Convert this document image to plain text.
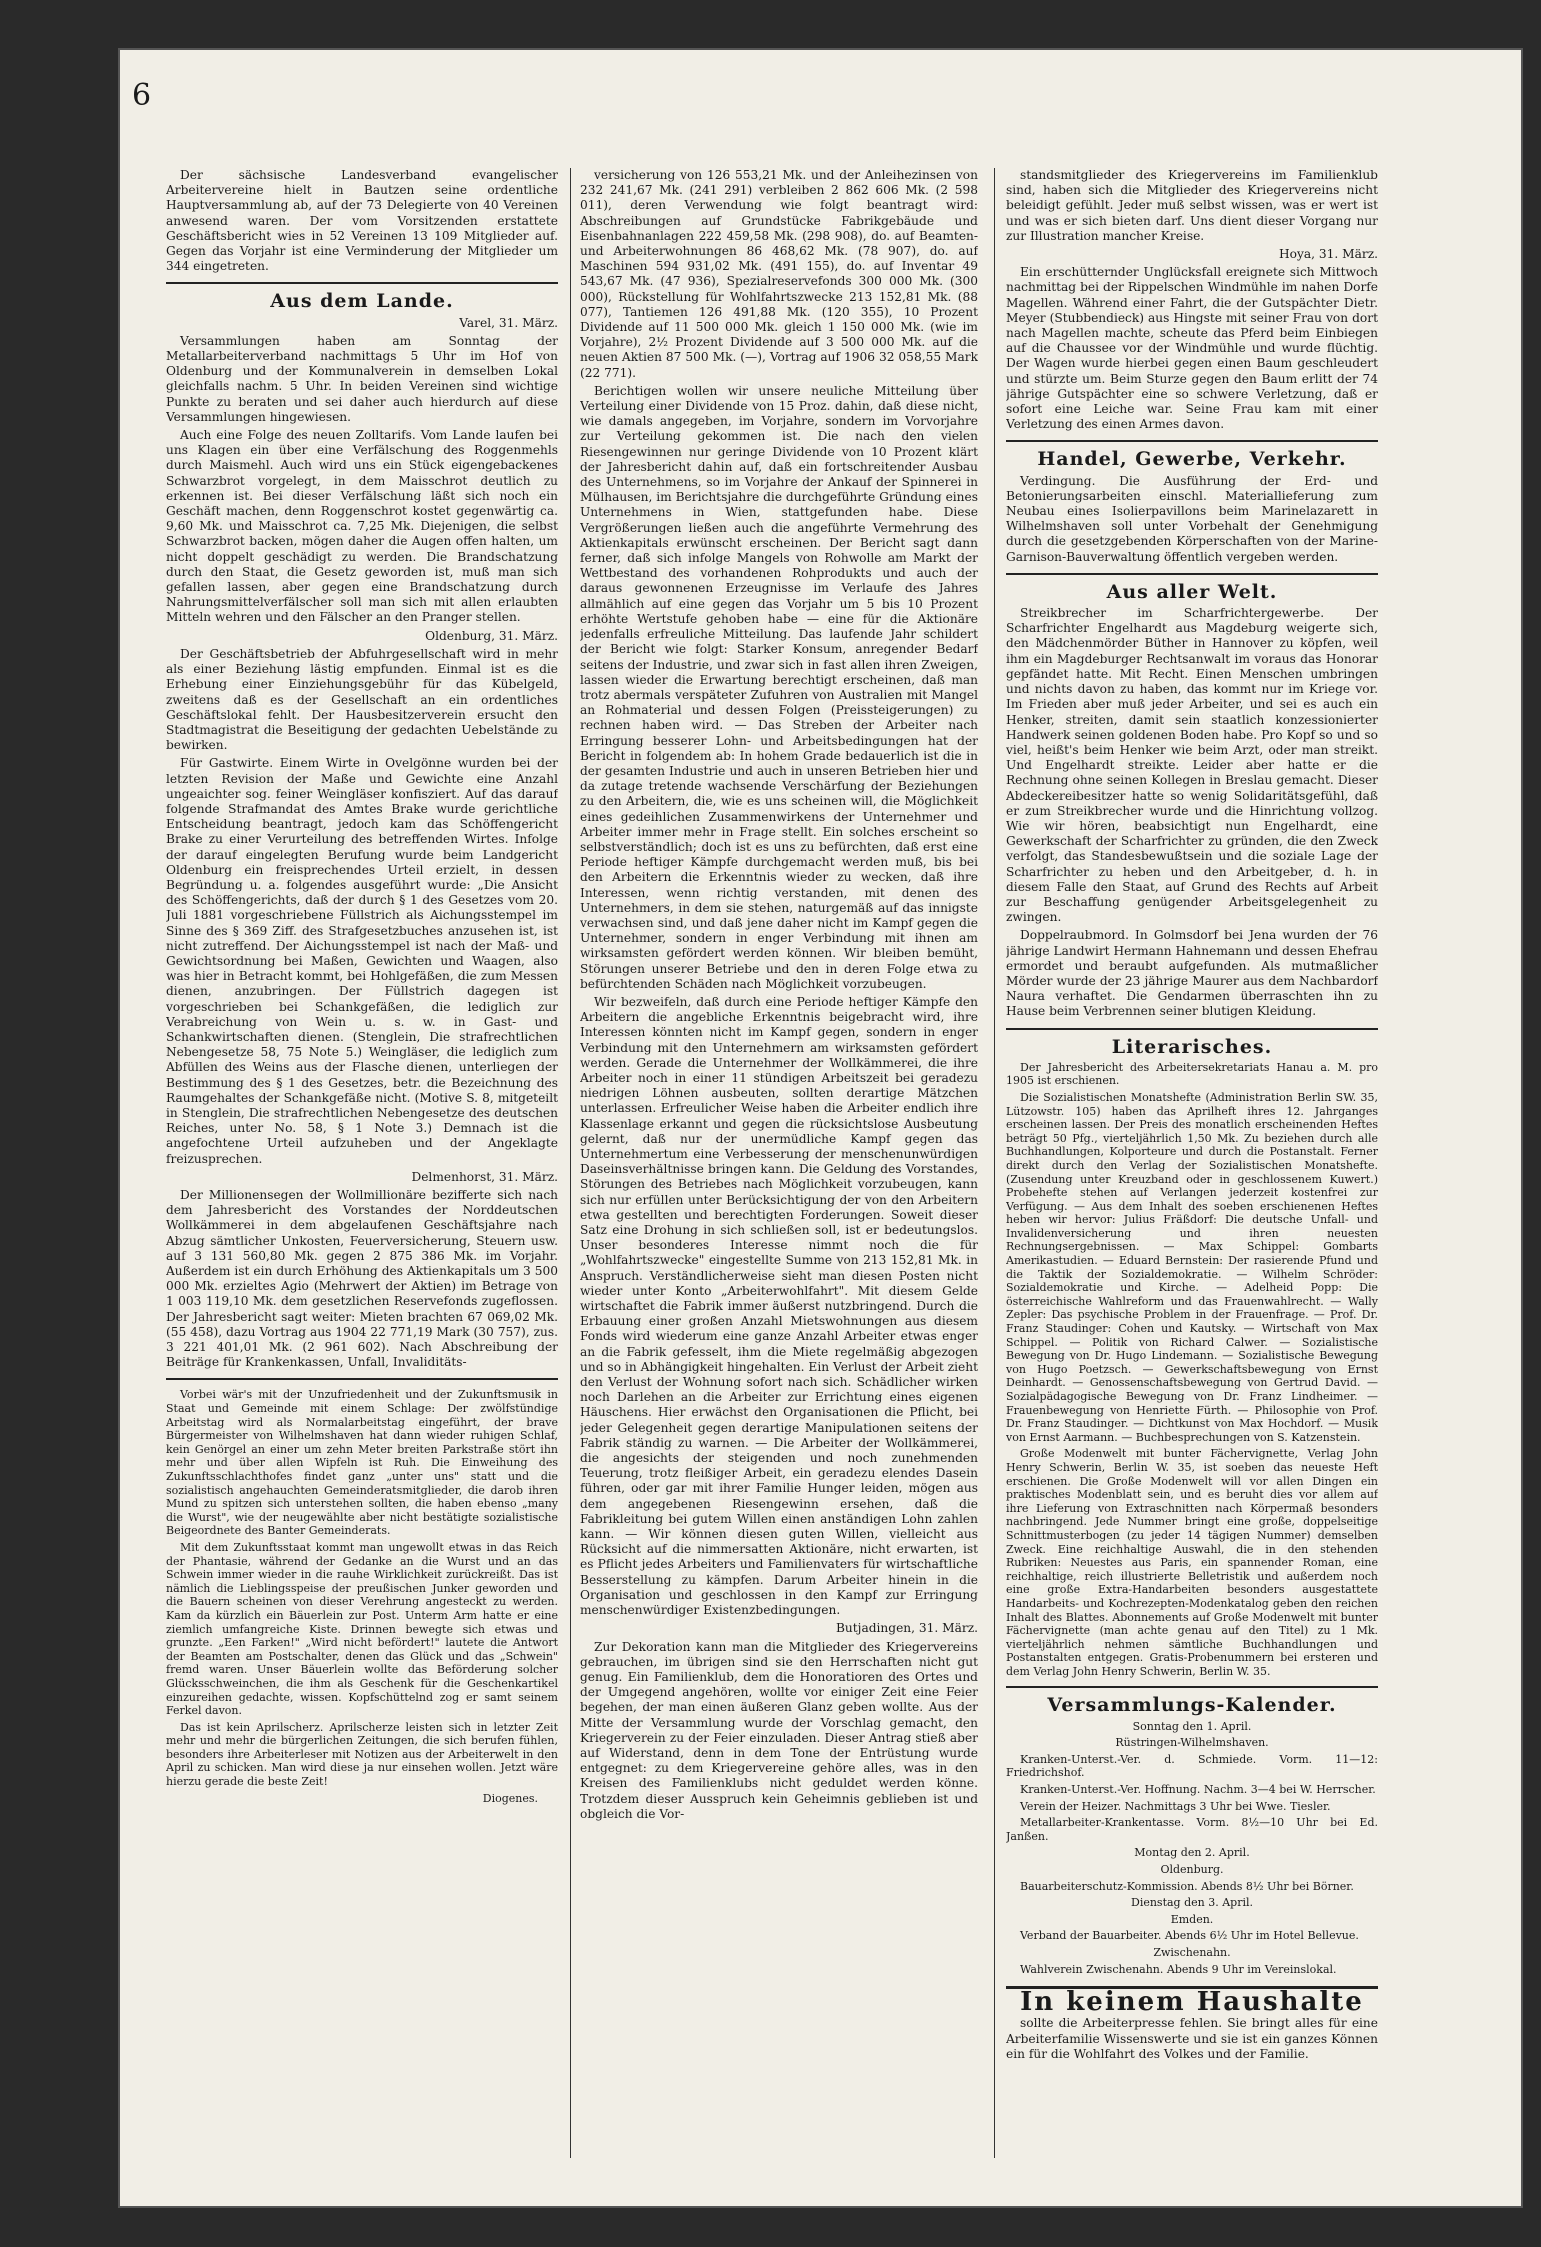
6

Der sächsische Landesverband evangelischer Arbeitervereine hielt in Bautzen seine ordentliche Hauptversammlung ab, auf der 73 Delegierte von 40 Vereinen anwesend waren. Der vom Vorsitzenden erstattete Geschäftsbericht wies in 52 Vereinen 13 109 Mitglieder auf. Gegen das Vorjahr ist eine Verminderung der Mitglieder um 344 eingetreten.

Aus dem Lande.

Varel, 31. März.

Versammlungen haben am Sonntag der Metallarbeiterverband nachmittags 5 Uhr im Hof von Oldenburg und der Kommunalverein in demselben Lokal gleichfalls nachm. 5 Uhr. In beiden Vereinen sind wichtige Punkte zu beraten und sei daher auch hierdurch auf diese Versammlungen hingewiesen.

Auch eine Folge des neuen Zolltarifs. Vom Lande laufen bei uns Klagen ein über eine Verfälschung des Roggenmehls durch Maismehl. Auch wird uns ein Stück eigengebackenes Schwarzbrot vorgelegt, in dem Maisschrot deutlich zu erkennen ist. Bei dieser Verfälschung läßt sich noch ein Geschäft machen, denn Roggenschrot kostet gegenwärtig ca. 9,60 Mk. und Maisschrot ca. 7,25 Mk. Diejenigen, die selbst Schwarzbrot backen, mögen daher die Augen offen halten, um nicht doppelt geschädigt zu werden. Die Brandschatzung durch den Staat, die Gesetz geworden ist, muß man sich gefallen lassen, aber gegen eine Brandschatzung durch Nahrungsmittelverfälscher soll man sich mit allen erlaubten Mitteln wehren und den Fälscher an den Pranger stellen.

Oldenburg, 31. März.

Der Geschäftsbetrieb der Abfuhrgesellschaft wird in mehr als einer Beziehung lästig empfunden. Einmal ist es die Erhebung einer Einziehungsgebühr für das Kübelgeld, zweitens daß es der Gesellschaft an ein ordentliches Geschäftslokal fehlt. Der Hausbesitzerverein ersucht den Stadtmagistrat die Beseitigung der gedachten Uebelstände zu bewirken.

Für Gastwirte. Einem Wirte in Ovelgönne wurden bei der letzten Revision der Maße und Gewichte eine Anzahl ungeaichter sog. feiner Weingläser konfisziert. Auf das darauf folgende Strafmandat des Amtes Brake wurde gerichtliche Entscheidung beantragt, jedoch kam das Schöffengericht Brake zu einer Verurteilung des betreffenden Wirtes. Infolge der darauf eingelegten Berufung wurde beim Landgericht Oldenburg ein freisprechendes Urteil erzielt, in dessen Begründung u. a. folgendes ausgeführt wurde: „Die Ansicht des Schöffengerichts, daß der durch § 1 des Gesetzes vom 20. Juli 1881 vorgeschriebene Füllstrich als Aichungsstempel im Sinne des § 369 Ziff. des Strafgesetzbuches anzusehen ist, ist nicht zutreffend. Der Aichungsstempel ist nach der Maß- und Gewichtsordnung bei Maßen, Gewichten und Waagen, also was hier in Betracht kommt, bei Hohlgefäßen, die zum Messen dienen, anzubringen. Der Füllstrich dagegen ist vorgeschrieben bei Schankgefäßen, die lediglich zur Verabreichung von Wein u. s. w. in Gast- und Schankwirtschaften dienen. (Stenglein, Die strafrechtlichen Nebengesetze 58, 75 Note 5.) Weingläser, die lediglich zum Abfüllen des Weins aus der Flasche dienen, unterliegen der Bestimmung des § 1 des Gesetzes, betr. die Bezeichnung des Raumgehaltes der Schankgefäße nicht. (Motive S. 8, mitgeteilt in Stenglein, Die strafrechtlichen Nebengesetze des deutschen Reiches, unter No. 58, § 1 Note 3.) Demnach ist die angefochtene Urteil aufzuheben und der Angeklagte freizusprechen.

Delmenhorst, 31. März.

Der Millionensegen der Wollmillionäre bezifferte sich nach dem Jahresbericht des Vorstandes der Norddeutschen Wollkämmerei in dem abgelaufenen Geschäftsjahre nach Abzug sämtlicher Unkosten, Feuerversicherung, Steuern usw. auf 3 131 560,80 Mk. gegen 2 875 386 Mk. im Vorjahr. Außerdem ist ein durch Erhöhung des Aktienkapitals um 3 500 000 Mk. erzieltes Agio (Mehrwert der Aktien) im Betrage von 1 003 119,10 Mk. dem gesetzlichen Reservefonds zugeflossen. Der Jahresbericht sagt weiter: Mieten brachten 67 069,02 Mk. (55 458), dazu Vortrag aus 1904 22 771,19 Mark (30 757), zus. 3 221 401,01 Mk. (2 961 602). Nach Abschreibung der Beiträge für Krankenkassen, Unfall, Invaliditäts-

Vorbei wär's mit der Unzufriedenheit und der Zukunftsmusik in Staat und Gemeinde mit einem Schlage: Der zwölfstündige Arbeitstag wird als Normalarbeitstag eingeführt, der brave Bürgermeister von Wilhelmshaven hat dann wieder ruhigen Schlaf, kein Genörgel an einer um zehn Meter breiten Parkstraße stört ihn mehr und über allen Wipfeln ist Ruh. Die Einweihung des Zukunftsschlachthofes findet ganz „unter uns" statt und die sozialistisch angehauchten Gemeinderatsmitglieder, die darob ihren Mund zu spitzen sich unterstehen sollten, die haben ebenso „many die Wurst", wie der neugewählte aber nicht bestätigte sozialistische Beigeordnete des Banter Gemeinderats.

Mit dem Zukunftsstaat kommt man ungewollt etwas in das Reich der Phantasie, während der Gedanke an die Wurst und an das Schwein immer wieder in die rauhe Wirklichkeit zurückreißt. Das ist nämlich die Lieblingsspeise der preußischen Junker geworden und die Bauern scheinen von dieser Verehrung angesteckt zu werden. Kam da kürzlich ein Bäuerlein zur Post. Unterm Arm hatte er eine ziemlich umfangreiche Kiste. Drinnen bewegte sich etwas und grunzte. „Een Farken!" „Wird nicht befördert!" lautete die Antwort der Beamten am Postschalter, denen das Glück und das „Schwein" fremd waren. Unser Bäuerlein wollte das Beförderung solcher Glücksschweinchen, die ihm als Geschenk für die Geschenkartikel einzureihen gedachte, wissen. Kopfschüttelnd zog er samt seinem Ferkel davon.

Das ist kein Aprilscherz. Aprilscherze leisten sich in letzter Zeit mehr und mehr die bürgerlichen Zeitungen, die sich berufen fühlen, besonders ihre Arbeiterleser mit Notizen aus der Arbeiterwelt in den April zu schicken. Man wird diese ja nur einsehen wollen. Jetzt wäre hierzu gerade die beste Zeit!

Diogenes.

versicherung von 126 553,21 Mk. und der Anleihezinsen von 232 241,67 Mk. (241 291) verbleiben 2 862 606 Mk. (2 598 011), deren Verwendung wie folgt beantragt wird: Abschreibungen auf Grundstücke Fabrikgebäude und Eisenbahnanlagen 222 459,58 Mk. (298 908), do. auf Beamten- und Arbeiterwohnungen 86 468,62 Mk. (78 907), do. auf Maschinen 594 931,02 Mk. (491 155), do. auf Inventar 49 543,67 Mk. (47 936), Spezialreservefonds 300 000 Mk. (300 000), Rückstellung für Wohlfahrtszwecke 213 152,81 Mk. (88 077), Tantiemen 126 491,88 Mk. (120 355), 10 Prozent Dividende auf 11 500 000 Mk. gleich 1 150 000 Mk. (wie im Vorjahre), 2½ Prozent Dividende auf 3 500 000 Mk. auf die neuen Aktien 87 500 Mk. (—), Vortrag auf 1906 32 058,55 Mark (22 771).

Berichtigen wollen wir unsere neuliche Mitteilung über Verteilung einer Dividende von 15 Proz. dahin, daß diese nicht, wie damals angegeben, im Vorjahre, sondern im Vorvorjahre zur Verteilung gekommen ist. Die nach den vielen Riesengewinnen nur geringe Dividende von 10 Prozent klärt der Jahresbericht dahin auf, daß ein fortschreitender Ausbau des Unternehmens, so im Vorjahre der Ankauf der Spinnerei in Mülhausen, im Berichtsjahre die durchgeführte Gründung eines Unternehmens in Wien, stattgefunden habe. Diese Vergrößerungen ließen auch die angeführte Vermehrung des Aktienkapitals erwünscht erscheinen. Der Bericht sagt dann ferner, daß sich infolge Mangels von Rohwolle am Markt der Wettbestand des vorhandenen Rohprodukts und auch der daraus gewonnenen Erzeugnisse im Verlaufe des Jahres allmählich auf eine gegen das Vorjahr um 5 bis 10 Prozent erhöhte Wertstufe gehoben habe — eine für die Aktionäre jedenfalls erfreuliche Mitteilung. Das laufende Jahr schildert der Bericht wie folgt: Starker Konsum, anregender Bedarf seitens der Industrie, und zwar sich in fast allen ihren Zweigen, lassen wieder die Erwartung berechtigt erscheinen, daß man trotz abermals verspäteter Zufuhren von Australien mit Mangel an Rohmaterial und dessen Folgen (Preissteigerungen) zu rechnen haben wird. — Das Streben der Arbeiter nach Erringung besserer Lohn- und Arbeitsbedingungen hat der Bericht in folgendem ab: In hohem Grade bedauerlich ist die in der gesamten Industrie und auch in unseren Betrieben hier und da zutage tretende wachsende Verschärfung der Beziehungen zu den Arbeitern, die, wie es uns scheinen will, die Möglichkeit eines gedeihlichen Zusammenwirkens der Unternehmer und Arbeiter immer mehr in Frage stellt. Ein solches erscheint so selbstverständlich; doch ist es uns zu befürchten, daß erst eine Periode heftiger Kämpfe durchgemacht werden muß, bis bei den Arbeitern die Erkenntnis wieder zu wecken, daß ihre Interessen, wenn richtig verstanden, mit denen des Unternehmers, in dem sie stehen, naturgemäß auf das innigste verwachsen sind, und daß jene daher nicht im Kampf gegen die Unternehmer, sondern in enger Verbindung mit ihnen am wirksamsten gefördert werden können. Wir bleiben bemüht, Störungen unserer Betriebe und den in deren Folge etwa zu befürchtenden Schäden nach Möglichkeit vorzubeugen.

Wir bezweifeln, daß durch eine Periode heftiger Kämpfe den Arbeitern die angebliche Erkenntnis beigebracht wird, ihre Interessen könnten nicht im Kampf gegen, sondern in enger Verbindung mit den Unternehmern am wirksamsten gefördert werden. Gerade die Unternehmer der Wollkämmerei, die ihre Arbeiter noch in einer 11 stündigen Arbeitszeit bei geradezu niedrigen Löhnen ausbeuten, sollten derartige Mätzchen unterlassen. Erfreulicher Weise haben die Arbeiter endlich ihre Klassenlage erkannt und gegen die rücksichtslose Ausbeutung gelernt, daß nur der unermüdliche Kampf gegen das Unternehmertum eine Verbesserung der menschenunwürdigen Daseinsverhältnisse bringen kann. Die Geldung des Vorstandes, Störungen des Betriebes nach Möglichkeit vorzubeugen, kann sich nur erfüllen unter Berücksichtigung der von den Arbeitern etwa gestellten und berechtigten Forderungen. Soweit dieser Satz eine Drohung in sich schließen soll, ist er bedeutungslos. Unser besonderes Interesse nimmt noch die für „Wohlfahrtszwecke" eingestellte Summe von 213 152,81 Mk. in Anspruch. Verständlicherweise sieht man diesen Posten nicht wieder unter Konto „Arbeiterwohlfahrt". Mit diesem Gelde wirtschaftet die Fabrik immer äußerst nutzbringend. Durch die Erbauung einer großen Anzahl Mietswohnungen aus diesem Fonds wird wiederum eine ganze Anzahl Arbeiter etwas enger an die Fabrik gefesselt, ihm die Miete regelmäßig abgezogen und so in Abhängigkeit hingehalten. Ein Verlust der Arbeit zieht den Verlust der Wohnung sofort nach sich. Schädlicher wirken noch Darlehen an die Arbeiter zur Errichtung eines eigenen Häuschens. Hier erwächst den Organisationen die Pflicht, bei jeder Gelegenheit gegen derartige Manipulationen seitens der Fabrik ständig zu warnen. — Die Arbeiter der Wollkämmerei, die angesichts der steigenden und noch zunehmenden Teuerung, trotz fleißiger Arbeit, ein geradezu elendes Dasein führen, oder gar mit ihrer Familie Hunger leiden, mögen aus dem angegebenen Riesengewinn ersehen, daß die Fabrikleitung bei gutem Willen einen anständigen Lohn zahlen kann. — Wir können diesen guten Willen, vielleicht aus Rücksicht auf die nimmersatten Aktionäre, nicht erwarten, ist es Pflicht jedes Arbeiters und Familienvaters für wirtschaftliche Besserstellung zu kämpfen. Darum Arbeiter hinein in die Organisation und geschlossen in den Kampf zur Erringung menschenwürdiger Existenzbedingungen.

Butjadingen, 31. März.

Zur Dekoration kann man die Mitglieder des Kriegervereins gebrauchen, im übrigen sind sie den Herrschaften nicht gut genug. Ein Familienklub, dem die Honoratioren des Ortes und der Umgegend angehören, wollte vor einiger Zeit eine Feier begehen, der man einen äußeren Glanz geben wollte. Aus der Mitte der Versammlung wurde der Vorschlag gemacht, den Kriegerverein zu der Feier einzuladen. Dieser Antrag stieß aber auf Widerstand, denn in dem Tone der Entrüstung wurde entgegnet: zu dem Kriegervereine gehöre alles, was in den Kreisen des Familienklubs nicht geduldet werden könne. Trotzdem dieser Ausspruch kein Geheimnis geblieben ist und obgleich die Vor-

standsmitglieder des Kriegervereins im Familienklub sind, haben sich die Mitglieder des Kriegervereins nicht beleidigt gefühlt. Jeder muß selbst wissen, was er wert ist und was er sich bieten darf. Uns dient dieser Vorgang nur zur Illustration mancher Kreise.

Hoya, 31. März.

Ein erschütternder Unglücksfall ereignete sich Mittwoch nachmittag bei der Rippelschen Windmühle im nahen Dorfe Magellen. Während einer Fahrt, die der Gutspächter Dietr. Meyer (Stubbendieck) aus Hingste mit seiner Frau von dort nach Magellen machte, scheute das Pferd beim Einbiegen auf die Chaussee vor der Windmühle und wurde flüchtig. Der Wagen wurde hierbei gegen einen Baum geschleudert und stürzte um. Beim Sturze gegen den Baum erlitt der 74 jährige Gutspächter eine so schwere Verletzung, daß er sofort eine Leiche war. Seine Frau kam mit einer Verletzung des einen Armes davon.

Handel, Gewerbe, Verkehr.

Verdingung. Die Ausführung der Erd- und Betonierungsarbeiten einschl. Materiallieferung zum Neubau eines Isolierpavillons beim Marinelazarett in Wilhelmshaven soll unter Vorbehalt der Genehmigung durch die gesetzgebenden Körperschaften von der Marine-Garnison-Bauverwaltung öffentlich vergeben werden.

Aus aller Welt.

Streikbrecher im Scharfrichtergewerbe. Der Scharfrichter Engelhardt aus Magdeburg weigerte sich, den Mädchenmörder Büther in Hannover zu köpfen, weil ihm ein Magdeburger Rechtsanwalt im voraus das Honorar gepfändet hatte. Mit Recht. Einen Menschen umbringen und nichts davon zu haben, das kommt nur im Kriege vor. Im Frieden aber muß jeder Arbeiter, und sei es auch ein Henker, streiten, damit sein staatlich konzessionierter Handwerk seinen goldenen Boden habe. Pro Kopf so und so viel, heißt's beim Henker wie beim Arzt, oder man streikt. Und Engelhardt streikte. Leider aber hatte er die Rechnung ohne seinen Kollegen in Breslau gemacht. Dieser Abdeckereibesitzer hatte so wenig Solidaritätsgefühl, daß er zum Streikbrecher wurde und die Hinrichtung vollzog. Wie wir hören, beabsichtigt nun Engelhardt, eine Gewerkschaft der Scharfrichter zu gründen, die den Zweck verfolgt, das Standesbewußtsein und die soziale Lage der Scharfrichter zu heben und den Arbeitgeber, d. h. in diesem Falle den Staat, auf Grund des Rechts auf Arbeit zur Beschaffung genügender Arbeitsgelegenheit zu zwingen.

Doppelraubmord. In Golmsdorf bei Jena wurden der 76 jährige Landwirt Hermann Hahnemann und dessen Ehefrau ermordet und beraubt aufgefunden. Als mutmaßlicher Mörder wurde der 23 jährige Maurer aus dem Nachbardorf Naura verhaftet. Die Gendarmen überraschten ihn zu Hause beim Verbrennen seiner blutigen Kleidung.

Literarisches.

Der Jahresbericht des Arbeitersekretariats Hanau a. M. pro 1905 ist erschienen.

Die Sozialistischen Monatshefte (Administration Berlin SW. 35, Lützowstr. 105) haben das Aprilheft ihres 12. Jahrganges erscheinen lassen. Der Preis des monatlich erscheinenden Heftes beträgt 50 Pfg., vierteljährlich 1,50 Mk. Zu beziehen durch alle Buchhandlungen, Kolporteure und durch die Postanstalt. Ferner direkt durch den Verlag der Sozialistischen Monatshefte. (Zusendung unter Kreuzband oder in geschlossenem Kuwert.) Probehefte stehen auf Verlangen jederzeit kostenfrei zur Verfügung. — Aus dem Inhalt des soeben erschienenen Heftes heben wir hervor: Julius Fräßdorf: Die deutsche Unfall- und Invalidenversicherung und ihren neuesten Rechnungsergebnissen. — Max Schippel: Gombarts Amerikastudien. — Eduard Bernstein: Der rasierende Pfund und die Taktik der Sozialdemokratie. — Wilhelm Schröder: Sozialdemokratie und Kirche. — Adelheid Popp: Die österreichische Wahlreform und das Frauenwahlrecht. — Wally Zepler: Das psychische Problem in der Frauenfrage. — Prof. Dr. Franz Staudinger: Cohen und Kautsky. — Wirtschaft von Max Schippel. — Politik von Richard Calwer. — Sozialistische Bewegung von Dr. Hugo Lindemann. — Sozialistische Bewegung von Hugo Poetzsch. — Gewerkschaftsbewegung von Ernst Deinhardt. — Genossenschaftsbewegung von Gertrud David. — Sozialpädagogische Bewegung von Dr. Franz Lindheimer. — Frauenbewegung von Henriette Fürth. — Philosophie von Prof. Dr. Franz Staudinger. — Dichtkunst von Max Hochdorf. — Musik von Ernst Aarmann. — Buchbesprechungen von S. Katzenstein.

Große Modenwelt mit bunter Fächervignette, Verlag John Henry Schwerin, Berlin W. 35, ist soeben das neueste Heft erschienen. Die Große Modenwelt will vor allen Dingen ein praktisches Modenblatt sein, und es beruht dies vor allem auf ihre Lieferung von Extraschnitten nach Körpermaß besonders nachbringend. Jede Nummer bringt eine große, doppelseitige Schnittmusterbogen (zu jeder 14 tägigen Nummer) demselben Zweck. Eine reichhaltige Auswahl, die in den stehenden Rubriken: Neuestes aus Paris, ein spannender Roman, eine reichhaltige, reich illustrierte Belletristik und außerdem noch eine große Extra-Handarbeiten besonders ausgestattete Handarbeits- und Kochrezepten-Modenkatalog geben den reichen Inhalt des Blattes. Abonnements auf Große Modenwelt mit bunter Fächervignette (man achte genau auf den Titel) zu 1 Mk. vierteljährlich nehmen sämtliche Buchhandlungen und Postanstalten entgegen. Gratis-Probenummern bei ersteren und dem Verlag John Henry Schwerin, Berlin W. 35.

Versammlungs-Kalender.

Sonntag den 1. April.

Rüstringen-Wilhelmshaven.

Kranken-Unterst.-Ver. d. Schmiede. Vorm. 11—12: Friedrichshof.

Kranken-Unterst.-Ver. Hoffnung. Nachm. 3—4 bei W. Herrscher.

Verein der Heizer. Nachmittags 3 Uhr bei Wwe. Tiesler.

Metallarbeiter-Krankentasse. Vorm. 8½—10 Uhr bei Ed. Janßen.

Montag den 2. April.

Oldenburg.

Bauarbeiterschutz-Kommission. Abends 8½ Uhr bei Börner.

Dienstag den 3. April.

Emden.

Verband der Bauarbeiter. Abends 6½ Uhr im Hotel Bellevue.

Zwischenahn.

Wahlverein Zwischenahn. Abends 9 Uhr im Vereinslokal.

In keinem Haushalte

sollte die Arbeiterpresse fehlen. Sie bringt alles für eine Arbeiterfamilie Wissenswerte und sie ist ein ganzes Können ein für die Wohlfahrt des Volkes und der Familie.
